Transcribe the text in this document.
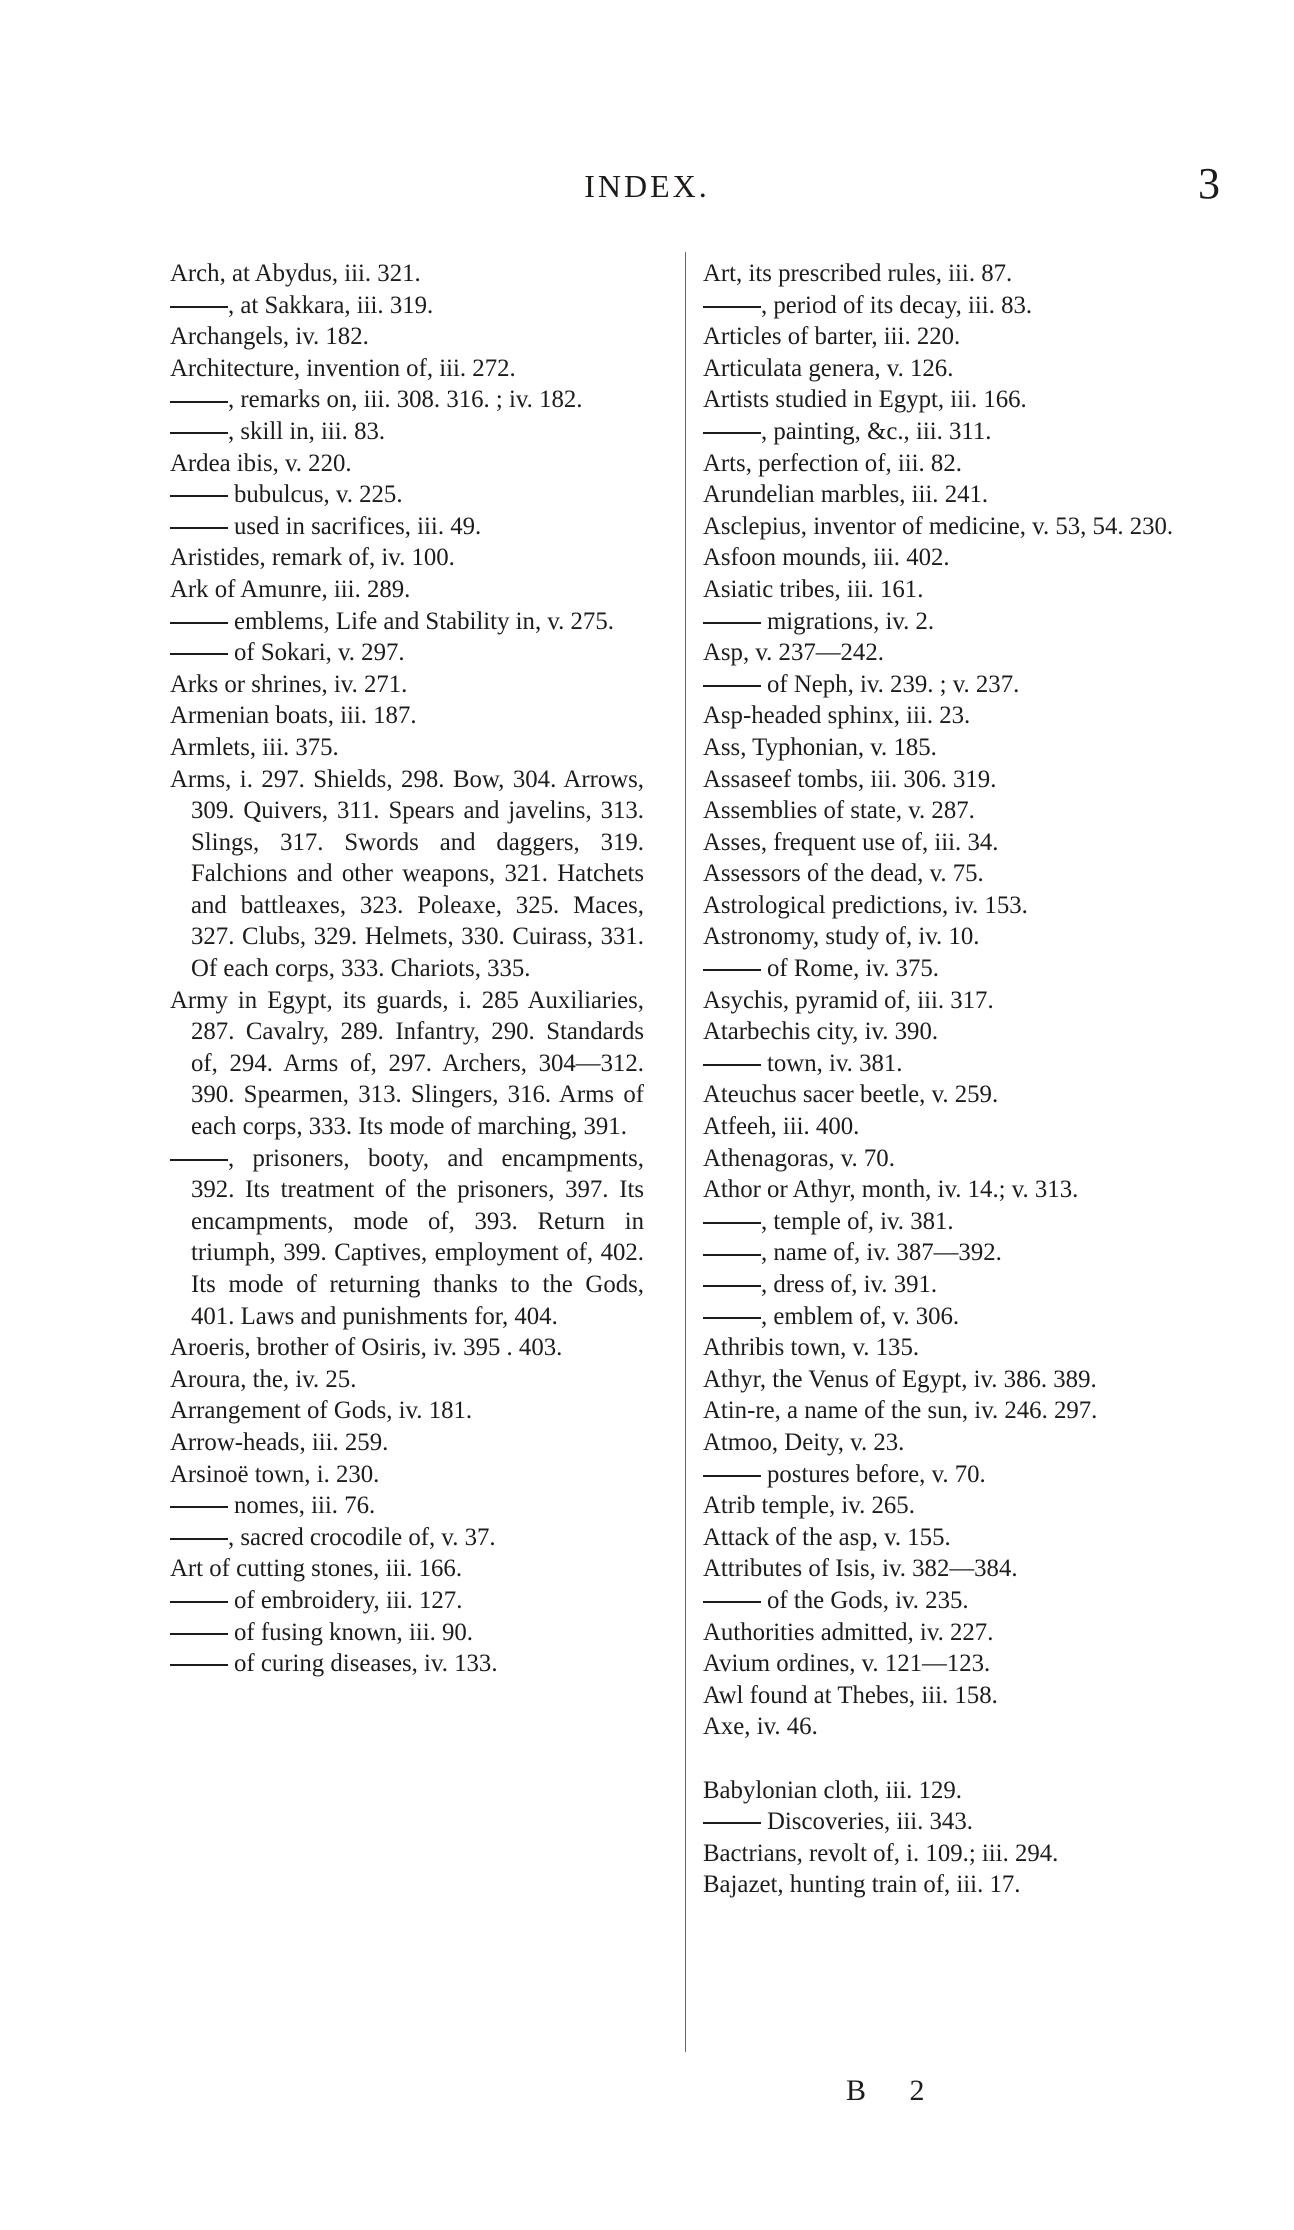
INDEX.	3
Arch, at Abydus, iii. 321.
, at Sakkara, iii. 319.
Archangels, iv. 182.
Architecture, invention of, iii. 272.
, remarks on, iii. 308. 316. ; iv. 182.
, skill in, iii. 83.
Ardea ibis, v. 220.
bubulcus, v. 225.
used in sacrifices, iii. 49.
Aristides, remark of, iv. 100.
Ark of Amunre, iii. 289.
emblems, Life and Stability in, v. 275.
of Sokari, v. 297.
Arks or shrines, iv. 271.
Armenian boats, iii. 187.
Armlets, iii. 375.
Arms, i. 297. Shields, 298. Bow, 304. Arrows, 309. Quivers, 311. Spears and javelins, 313. Slings, 317. Swords and daggers, 319. Falchions and other weapons, 321. Hatchets and battleaxes, 323. Poleaxe, 325. Maces, 327. Clubs, 329. Helmets, 330. Cuirass, 331. Of each corps, 333. Chariots, 335.
Army in Egypt, its guards, i. 285 Auxiliaries, 287. Cavalry, 289. Infantry, 290. Standards of, 294. Arms of, 297. Archers, 304—312. 390. Spearmen, 313. Slingers, 316. Arms of each corps, 333. Its mode of marching, 391.
, prisoners, booty, and encampments, 392. Its treatment of the prisoners, 397. Its encampments, mode of, 393. Return in triumph, 399. Captives, employment of, 402. Its mode of returning thanks to the Gods, 401. Laws and punishments for, 404.
Aroeris, brother of Osiris, iv. 395 . 403.
Aroura, the, iv. 25.
Arrangement of Gods, iv. 181.
Arrow-heads, iii. 259.
Arsinoë town, i. 230.
nomes, iii. 76.
, sacred crocodile of, v. 37.
Art of cutting stones, iii. 166.
of embroidery, iii. 127.
of fusing known, iii. 90.
of curing diseases, iv. 133.
Art, its prescribed rules, iii. 87.
, period of its decay, iii. 83.
Articles of barter, iii. 220.
Articulata genera, v. 126.
Artists studied in Egypt, iii. 166.
, painting, &c., iii. 311.
Arts, perfection of, iii. 82.
Arundelian marbles, iii. 241.
Asclepius, inventor of medicine, v. 53, 54. 230.
Asfoon mounds, iii. 402.
Asiatic tribes, iii. 161.
migrations, iv. 2.
Asp, v. 237—242.
of Neph, iv. 239. ; v. 237.
Asp-headed sphinx, iii. 23.
Ass, Typhonian, v. 185.
Assaseef tombs, iii. 306. 319.
Assemblies of state, v. 287.
Asses, frequent use of, iii. 34.
Assessors of the dead, v. 75.
Astrological predictions, iv. 153.
Astronomy, study of, iv. 10.
of Rome, iv. 375.
Asychis, pyramid of, iii. 317.
Atarbechis city, iv. 390.
town, iv. 381.
Ateuchus sacer beetle, v. 259.
Atfeeh, iii. 400.
Athenagoras, v. 70.
Athor or Athyr, month, iv. 14.; v. 313.
, temple of, iv. 381.
, name of, iv. 387—392.
, dress of, iv. 391.
, emblem of, v. 306.
Athribis town, v. 135.
Athyr, the Venus of Egypt, iv. 386. 389.
Atin-re, a name of the sun, iv. 246. 297.
Atmoo, Deity, v. 23.
postures before, v. 70.
Atrib temple, iv. 265.
Attack of the asp, v. 155.
Attributes of Isis, iv. 382—384.
of the Gods, iv. 235.
Authorities admitted, iv. 227.
Avium ordines, v. 121—123.
Awl found at Thebes, iii. 158.
Axe, iv. 46.
Babylonian cloth, iii. 129.
Discoveries, iii. 343.
Bactrians, revolt of, i. 109.; iii. 294.
Bajazet, hunting train of, iii. 17.
B 2
